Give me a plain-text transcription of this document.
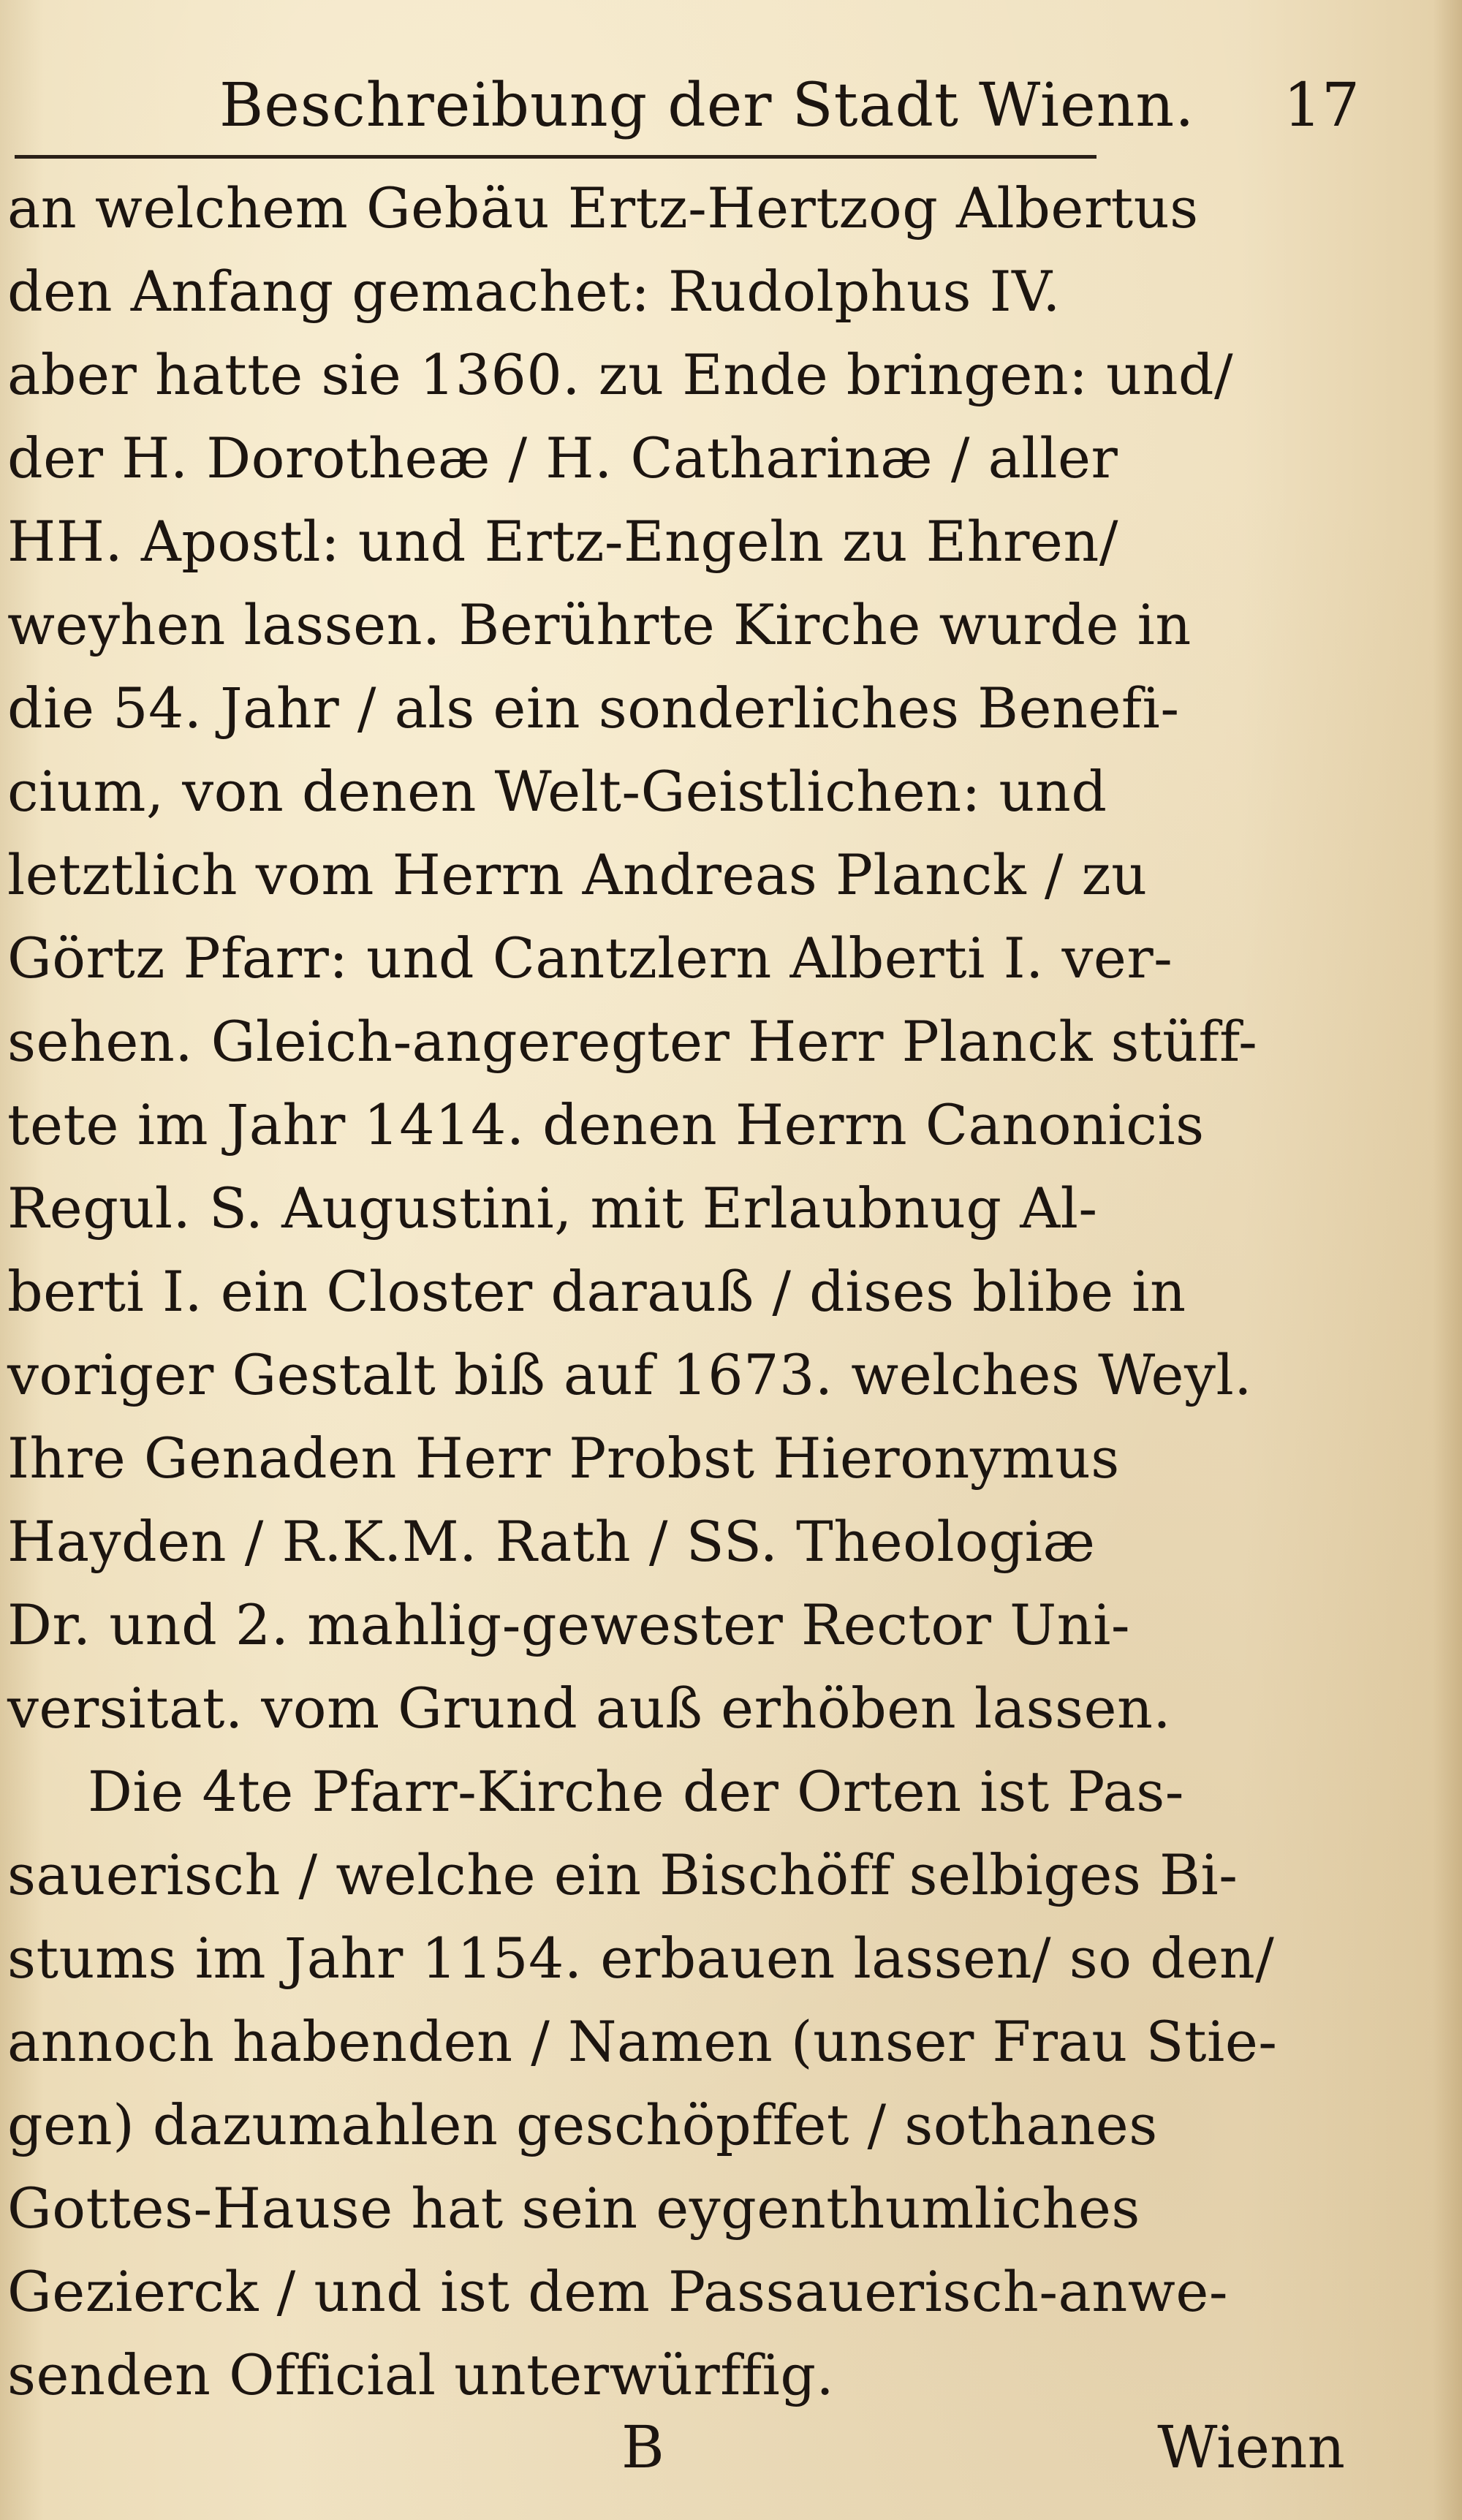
Beschreibung der Stadt Wienn. 17
an welchem Gebäu Ertz-Hertzog Albertus
den Anfang gemachet: Rudolphus IV.
aber hatte sie 1360. zu Ende bringen: und/
der H. Dorotheæ / H. Catharinæ / aller
HH. Apostl: und Ertz-Engeln zu Ehren/
weyhen lassen. Berührte Kirche wurde in
die 54. Jahr / als ein sonderliches Benefi-
cium, von denen Welt-Geistlichen: und
letztlich vom Herrn Andreas Planck / zu
Görtz Pfarr: und Cantzlern Alberti I. ver-
sehen. Gleich-angeregter Herr Planck stüff-
tete im Jahr 1414. denen Herrn Canonicis
Regul. S. Augustini, mit Erlaubnug Al-
berti I. ein Closter darauß / dises blibe in
voriger Gestalt biß auf 1673. welches Weyl.
Ihre Genaden Herr Probst Hieronymus
Hayden / R.K.M. Rath / SS. Theologiæ
Dr. und 2. mahlig-gewester Rector Uni-
versitat. vom Grund auß erhöben lassen.
Die 4te Pfarr-Kirche der Orten ist Pas-
sauerisch / welche ein Bischöff selbiges Bi-
stums im Jahr 1154. erbauen lassen/ so den/
annoch habenden / Namen (unser Frau Stie-
gen) dazumahlen geschöpffet / sothanes
Gottes-Hause hat sein eygenthumliches
Gezierck / und ist dem Passauerisch-anwe-
senden Official unterwürffig.
B	Wienn
